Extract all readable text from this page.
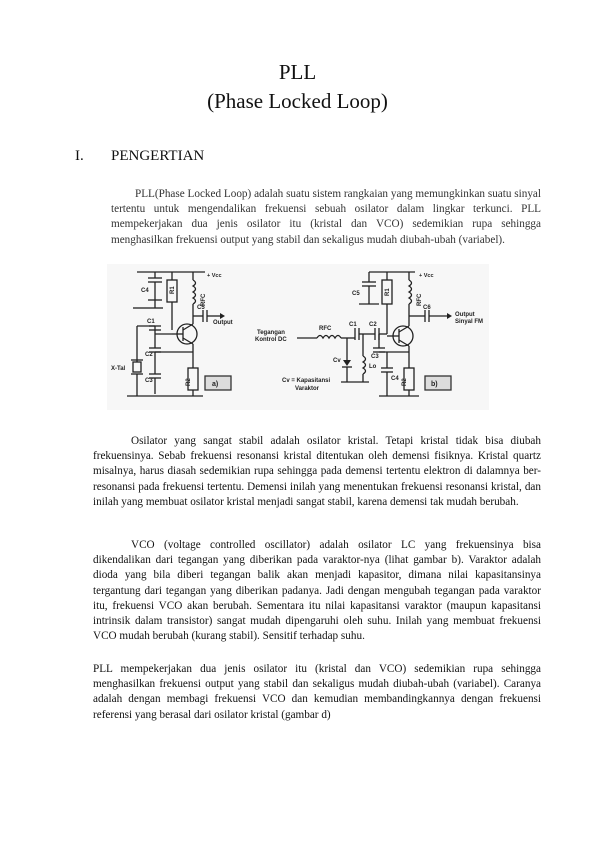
PLL
(Phase Locked Loop)
I. PENGERTIAN

PLL(Phase Locked Loop) adalah suatu sistem rangkaian yang memungkinkan suatu sinyal tertentu untuk mengendalikan frekuensi sebuah osilator dalam lingkar terkunci. PLL mempekerjakan dua jenis osilator itu (kristal dan VCO) sedemikian rupa sehingga menghasilkan frekuensi output yang stabil dan sekaligus mudah diubah-ubah (variabel).

+ Vcc
C4	R1
RFC
C5
Output
C1
C2
C3	R2
X-Tal
a)
+ Vcc
C5	R1
RFC
C6
Output
Sinyal FM
Tegangan
Kontrol DC
RFC
C1 C2
C3
Cv
Lo
C4 R2
Cv = Kapasitansi
Varaktor
b)

Osilator yang sangat stabil adalah osilator kristal. Tetapi kristal tidak bisa diubah frekuensinya. Sebab frekuensi resonansi kristal ditentukan oleh demensi fisiknya. Kristal quartz misalnya, harus diasah sedemikian rupa sehingga pada demensi tertentu elektron di dalamnya ber-resonansi pada frekuensi tertentu. Demensi inilah yang menentukan frekuensi resonansi kristal, dan inilah yang membuat osilator kristal menjadi sangat stabil, karena demensi tak mudah berubah.

VCO (voltage controlled oscillator) adalah osilator LC yang frekuensinya bisa dikendalikan dari tegangan yang diberikan pada varaktor-nya (lihat gambar b). Varaktor adalah dioda yang bila diberi tegangan balik akan menjadi kapasitor, dimana nilai kapasitansinya tergantung dari tegangan yang diberikan padanya. Jadi dengan mengubah tegangan pada varaktor itu, frekuensi VCO akan berubah. Sementara itu nilai kapasitansi varaktor (maupun kapasitansi intrinsik dalam transistor) sangat mudah dipengaruhi oleh suhu. Inilah yang membuat frekuensi VCO mudah berubah (kurang stabil). Sensitif terhadap suhu.

PLL mempekerjakan dua jenis osilator itu (kristal dan VCO) sedemikian rupa sehingga menghasilkan frekuensi output yang stabil dan sekaligus mudah diubah-ubah (variabel). Caranya adalah dengan membagi frekuensi VCO dan kemudian membandingkannya dengan frekuensi referensi yang berasal dari osilator kristal (gambar d)
